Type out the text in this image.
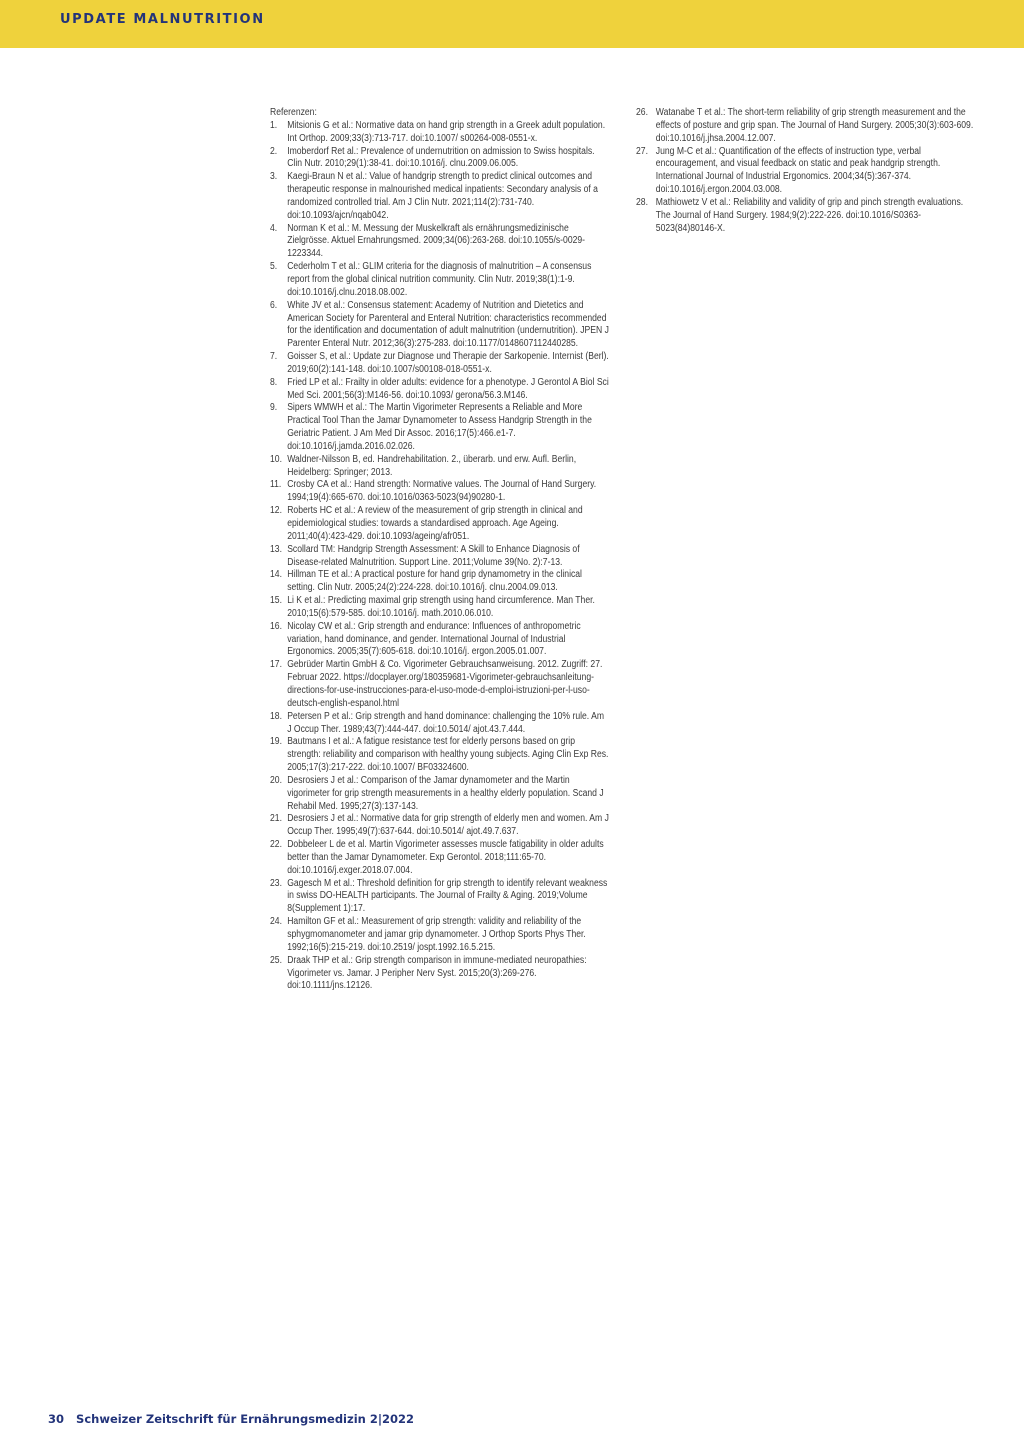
UPDATE MALNUTRITION

Referenzen:

1. Mitsionis G et al.: Normative data on hand grip strength in a Greek adult population. Int Orthop. 2009;33(3):713-717. doi:10.1007/ s00264-008-0551-x.
2. Imoberdorf Ret al.: Prevalence of undernutrition on admission to Swiss hospitals. Clin Nutr. 2010;29(1):38-41. doi:10.1016/j. clnu.2009.06.005.
3. Kaegi-Braun N et al.: Value of handgrip strength to predict clinical outcomes and therapeutic response in malnourished medical inpatients: Secondary analysis of a randomized controlled trial. Am J Clin Nutr. 2021;114(2):731-740. doi:10.1093/ajcn/nqab042.
4. Norman K et al.: M. Messung der Muskelkraft als ernährungsmedizinische Zielgrösse. Aktuel Ernahrungsmed. 2009;34(06):263-268. doi:10.1055/s-0029-1223344.
5. Cederholm T et al.: GLIM criteria for the diagnosis of malnutrition – A consensus report from the global clinical nutrition community. Clin Nutr. 2019;38(1):1-9. doi:10.1016/j.clnu.2018.08.002.
6. White JV et al.: Consensus statement: Academy of Nutrition and Dietetics and American Society for Parenteral and Enteral Nutrition: characteristics recommended for the identification and documentation of adult malnutrition (undernutrition). JPEN J Parenter Enteral Nutr. 2012;36(3):275-283. doi:10.1177/0148607112440285.
7. Goisser S, et al.: Update zur Diagnose und Therapie der Sarkopenie. Internist (Berl). 2019;60(2):141-148. doi:10.1007/s00108-018-0551-x.
8. Fried LP et al.: Frailty in older adults: evidence for a phenotype. J Gerontol A Biol Sci Med Sci. 2001;56(3):M146-56. doi:10.1093/ gerona/56.3.M146.
9. Sipers WMWH et al.: The Martin Vigorimeter Represents a Reliable and More Practical Tool Than the Jamar Dynamometer to Assess Handgrip Strength in the Geriatric Patient. J Am Med Dir Assoc. 2016;17(5):466.e1-7. doi:10.1016/j.jamda.2016.02.026.
10. Waldner-Nilsson B, ed. Handrehabilitation. 2., überarb. und erw. Aufl. Berlin, Heidelberg: Springer; 2013.
11. Crosby CA et al.: Hand strength: Normative values. The Journal of Hand Surgery. 1994;19(4):665-670. doi:10.1016/0363-5023(94)90280-1.
12. Roberts HC et al.: A review of the measurement of grip strength in clinical and epidemiological studies: towards a standardised approach. Age Ageing. 2011;40(4):423-429. doi:10.1093/ageing/afr051.
13. Scollard TM: Handgrip Strength Assessment: A Skill to Enhance Diagnosis of Disease-related Malnutrition. Support Line. 2011;Volume 39(No. 2):7-13.
14. Hillman TE et al.: A practical posture for hand grip dynamometry in the clinical setting. Clin Nutr. 2005;24(2):224-228. doi:10.1016/j. clnu.2004.09.013.
15. Li K et al.: Predicting maximal grip strength using hand circumference. Man Ther. 2010;15(6):579-585. doi:10.1016/j. math.2010.06.010.
16. Nicolay CW et al.: Grip strength and endurance: Influences of anthropometric variation, hand dominance, and gender. International Journal of Industrial Ergonomics. 2005;35(7):605-618. doi:10.1016/j. ergon.2005.01.007.
17. Gebrüder Martin GmbH & Co. Vigorimeter Gebrauchsanweisung. 2012. Zugriff: 27. Februar 2022. https://docplayer.org/180359681-Vigorimeter-gebrauchsanleitung-directions-for-use-instrucciones-para-el-uso-mode-d-emploi-istruzioni-per-l-uso-deutsch-english-espanol.html
18. Petersen P et al.: Grip strength and hand dominance: challenging the 10% rule. Am J Occup Ther. 1989;43(7):444-447. doi:10.5014/ ajot.43.7.444.
19. Bautmans I et al.: A fatigue resistance test for elderly persons based on grip strength: reliability and comparison with healthy young subjects. Aging Clin Exp Res. 2005;17(3):217-222. doi:10.1007/ BF03324600.
20. Desrosiers J et al.: Comparison of the Jamar dynamometer and the Martin vigorimeter for grip strength measurements in a healthy elderly population. Scand J Rehabil Med. 1995;27(3):137-143.
21. Desrosiers J et al.: Normative data for grip strength of elderly men and women. Am J Occup Ther. 1995;49(7):637-644. doi:10.5014/ ajot.49.7.637.
22. Dobbeleer L de et al. Martin Vigorimeter assesses muscle fatigability in older adults better than the Jamar Dynamometer. Exp Gerontol. 2018;111:65-70. doi:10.1016/j.exger.2018.07.004.
23. Gagesch M et al.: Threshold definition for grip strength to identify relevant weakness in swiss DO-HEALTH participants. The Journal of Frailty & Aging. 2019;Volume 8(Supplement 1):17.
24. Hamilton GF et al.: Measurement of grip strength: validity and reliability of the sphygmomanometer and jamar grip dynamometer. J Orthop Sports Phys Ther. 1992;16(5):215-219. doi:10.2519/ jospt.1992.16.5.215.
25. Draak THP et al.: Grip strength comparison in immune-mediated neuropathies: Vigorimeter vs. Jamar. J Peripher Nerv Syst. 2015;20(3):269-276. doi:10.1111/jns.12126.
26. Watanabe T et al.: The short-term reliability of grip strength measurement and the effects of posture and grip span. The Journal of Hand Surgery. 2005;30(3):603-609. doi:10.1016/j.jhsa.2004.12.007.
27. Jung M-C et al.: Quantification of the effects of instruction type, verbal encouragement, and visual feedback on static and peak handgrip strength. International Journal of Industrial Ergonomics. 2004;34(5):367-374. doi:10.1016/j.ergon.2004.03.008.
28. Mathiowetz V et al.: Reliability and validity of grip and pinch strength evaluations. The Journal of Hand Surgery. 1984;9(2):222-226. doi:10.1016/S0363-5023(84)80146-X.
30 Schweizer Zeitschrift für Ernährungsmedizin 2|2022
